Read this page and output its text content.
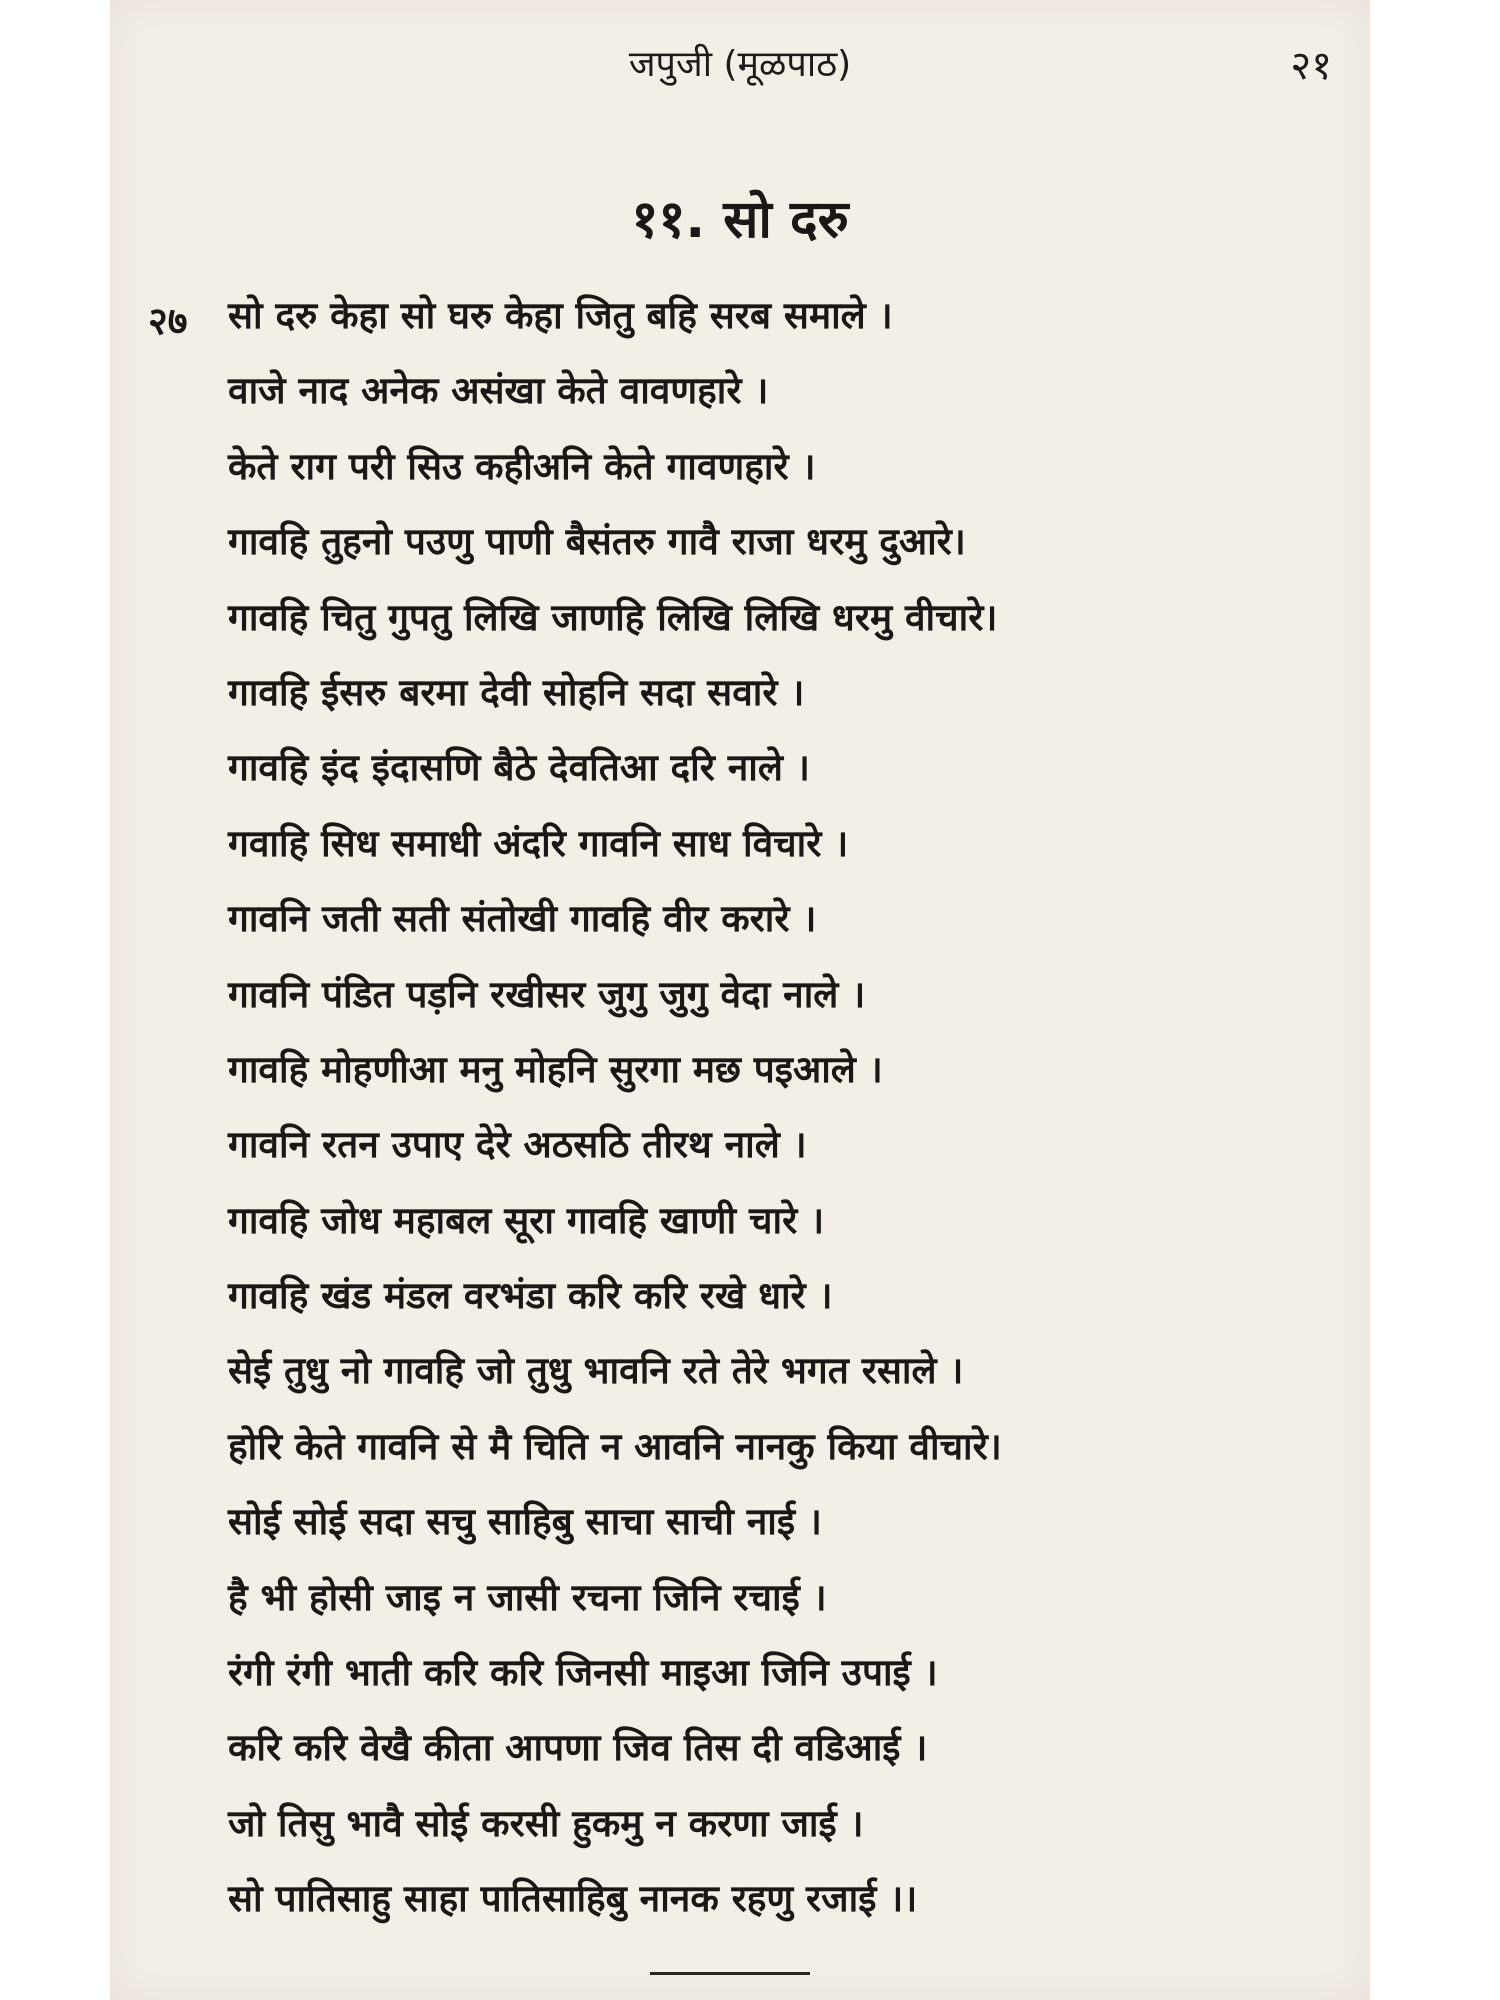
जपुजी (मूळपाठ)	२१
११. सो दरु
२७ सो दरु केहा सो घरु केहा जितु बहि सरब समाले ।
वाजे नाद अनेक असंखा केते वावणहारे ।
केते राग परी सिउ कहीअनि केते गावणहारे ।
गावहि तुहनो पउणु पाणी बैसंतरु गावै राजा धरमु दुआरे।
गावहि चितु गुपतु लिखि जाणहि लिखि लिखि धरमु वीचारे।
गावहि ईसरु बरमा देवी सोहनि सदा सवारे ।
गावहि इंद इंदासणि बैठे देवतिआ दरि नाले ।
गवाहि सिध समाधी अंदरि गावनि साध विचारे ।
गावनि जती सती संतोखी गावहि वीर करारे ।
गावनि पंडित पड़नि रखीसर जुगु जुगु वेदा नाले ।
गावहि मोहणीआ मनु मोहनि सुरगा मछ पइआले ।
गावनि रतन उपाए देरे अठसठि तीरथ नाले ।
गावहि जोध महाबल सूरा गावहि खाणी चारे ।
गावहि खंड मंडल वरभंडा करि करि रखे धारे ।
सेई तुधु नो गावहि जो तुधु भावनि रते तेरे भगत रसाले ।
होरि केते गावनि से मै चिति न आवनि नानकु किया वीचारे।
सोई सोई सदा सचु साहिबु साचा साची नाई ।
है भी होसी जाइ न जासी रचना जिनि रचाई ।
रंगी रंगी भाती करि करि जिनसी माइआ जिनि उपाई ।
करि करि वेखै कीता आपणा जिव तिस दी वडिआई ।
जो तिसु भावै सोई करसी हुकमु न करणा जाई ।
सो पातिसाहु साहा पातिसाहिबु नानक रहणु रजाई ।।
